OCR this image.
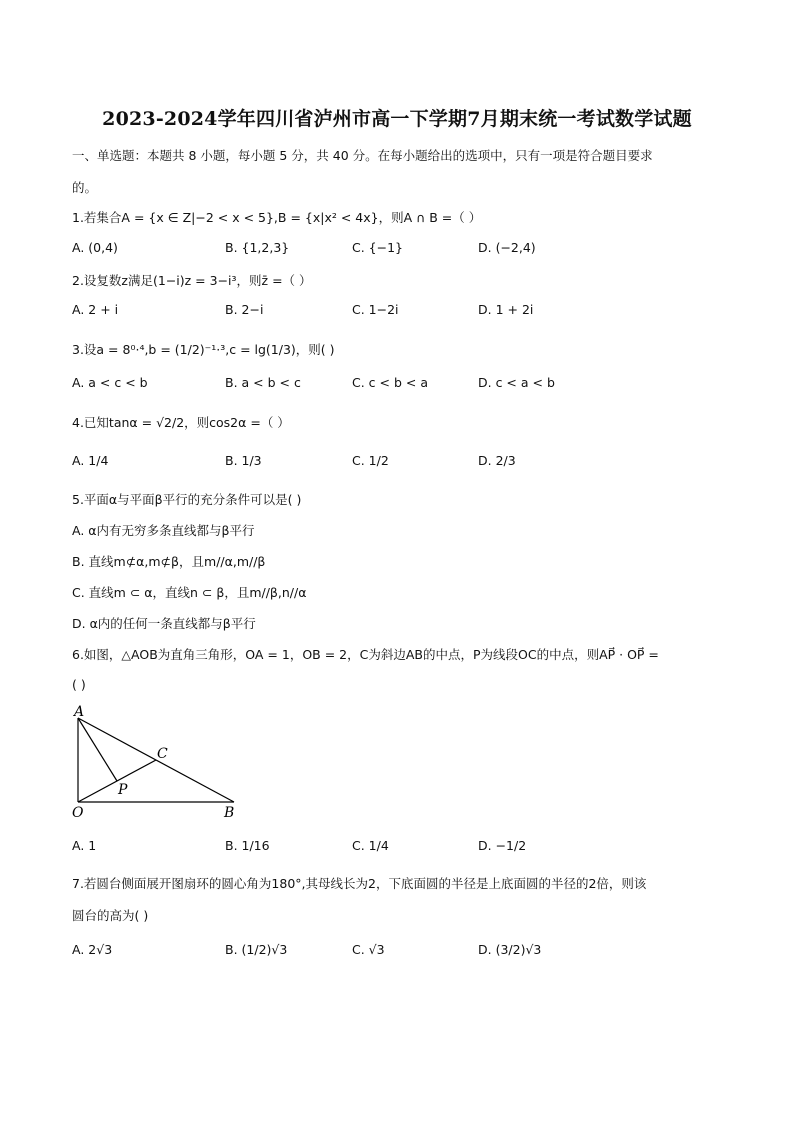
2023-2024学年四川省泸州市高一下学期7月期末统一考试数学试题
一、单选题：本题共 8 小题，每小题 5 分，共 40 分。在每小题给出的选项中，只有一项是符合题目要求
的。
1.若集合A = {x ∈ Z|−2 < x < 5},B = {x|x² < 4x}，则A ∩ B =（ ）
A. (0,4)	B. {1,2,3}	C. {−1}	D. (−2,4)
2.设复数z满足(1−i)z = 3−i³，则z̄ =（ ）
A. 2 + i	B. 2−i	C. 1−2i	D. 1 + 2i
3.设a = 8⁰·⁴,b = (1/2)⁻¹·³,c = lg(1/3)，则( )
A. a < c < b	B. a < b < c	C. c < b < a	D. c < a < b
4.已知tanα = √2/2，则cos2α =（ ）
A. 1/4	B. 1/3	C. 1/2	D. 2/3
5.平面α与平面β平行的充分条件可以是( )
A. α内有无穷多条直线都与β平行
B. 直线m⊄α,m⊄β，且m//α,m//β
C. 直线m ⊂ α，直线n ⊂ β，且m//β,n//α
D. α内的任何一条直线都与β平行
6.如图，△AOB为直角三角形，OA = 1，OB = 2，C为斜边AB的中点，P为线段OC的中点，则AP⃗ · OP⃗ =
( )
A
C
P
O	B
A. 1	B. 1/16	C. 1/4	D. −1/2
7.若圆台侧面展开图扇环的圆心角为180°,其母线长为2，下底面圆的半径是上底面圆的半径的2倍，则该
圆台的高为( )
A. 2√3	B. (1/2)√3	C. √3	D. (3/2)√3
